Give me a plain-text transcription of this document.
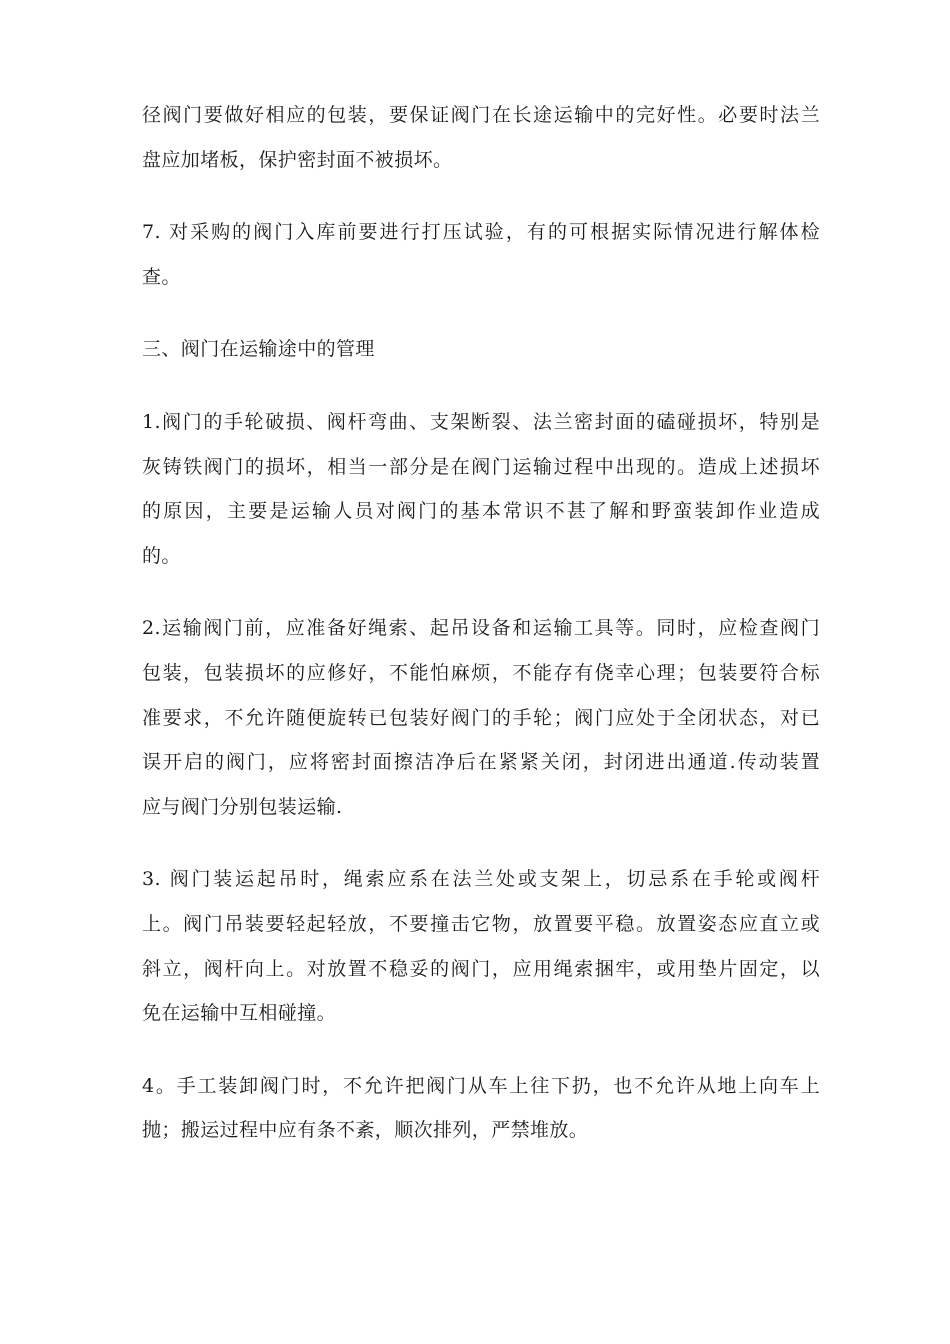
径阀门要做好相应的包装，要保证阀门在长途运输中的完好性。必要时法兰
盘应加堵板，保护密封面不被损坏。

7. 对采购的阀门入库前要进行打压试验，有的可根据实际情况进行解体检
查。

三、阀门在运输途中的管理

1.阀门的手轮破损、阀杆弯曲、支架断裂、法兰密封面的磕碰损坏，特别是
灰铸铁阀门的损坏，相当一部分是在阀门运输过程中出现的。造成上述损坏
的原因，主要是运输人员对阀门的基本常识不甚了解和野蛮装卸作业造成
的。

2.运输阀门前，应准备好绳索、起吊设备和运输工具等。同时，应检查阀门
包装，包装损坏的应修好，不能怕麻烦，不能存有侥幸心理；包装要符合标
准要求，不允许随便旋转已包装好阀门的手轮；阀门应处于全闭状态，对已
误开启的阀门，应将密封面擦洁净后在紧紧关闭，封闭进出通道.传动装置
应与阀门分别包装运输.

3. 阀门装运起吊时，绳索应系在法兰处或支架上，切忌系在手轮或阀杆
上。阀门吊装要轻起轻放，不要撞击它物，放置要平稳。放置姿态应直立或
斜立，阀杆向上。对放置不稳妥的阀门，应用绳索捆牢，或用垫片固定，以
免在运输中互相碰撞。

4。手工装卸阀门时，不允许把阀门从车上往下扔，也不允许从地上向车上
抛；搬运过程中应有条不紊，顺次排列，严禁堆放。
